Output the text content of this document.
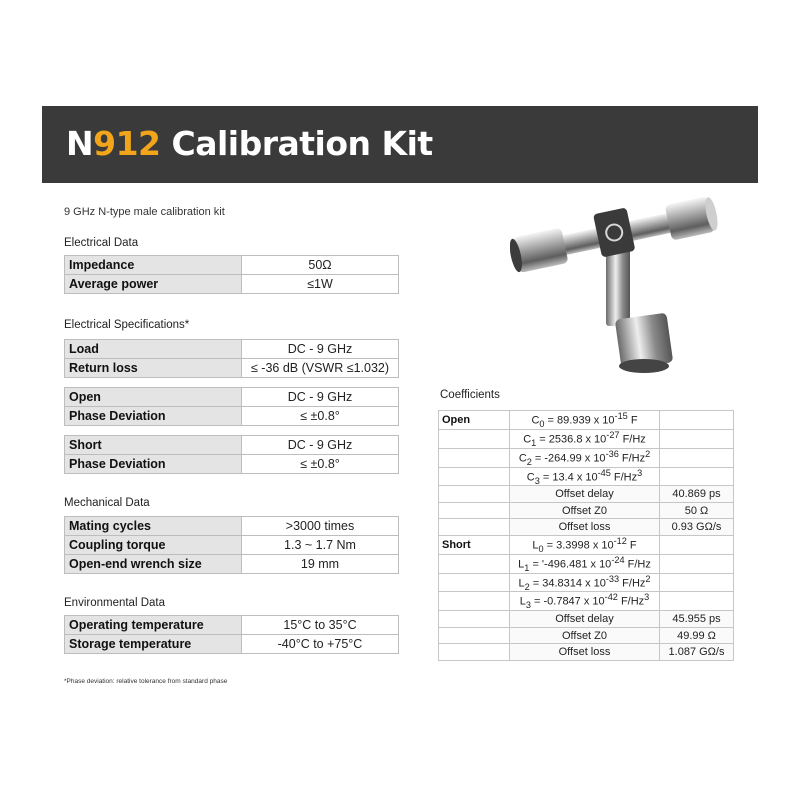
N912 Calibration Kit
9 GHz N-type male calibration kit
Electrical Data
Impedance	50Ω
Average power	≤1W
Electrical Specifications*
Load	DC - 9 GHz
Return loss	≤ -36 dB (VSWR ≤1.032)
Open	DC - 9 GHz
Phase Deviation	≤ ±0.8°
Short	DC - 9 GHz
Phase Deviation	≤ ±0.8°
Mechanical Data
Mating cycles	>3000 times
Coupling torque	1.3 ~ 1.7 Nm
Open-end wrench size	19 mm
Environmental Data
Operating temperature	15°C to 35°C
Storage temperature	-40°C to +75°C
*Phase deviation: relative tolerance from standard phase
Coefficients
Open	$C_0 = 89.939$ x $10^{-15}$ F	
	$C_1 = 2536.8$ x $10^{-27}$ F/Hz	
	$C_2 = -264.99$ x $10^{-36}$ F/Hz$^2$	
	$C_3 = 13.4$ x $10^{-45}$ F/Hz$^3$	
	Offset delay	40.869 ps
	Offset Z0	50 Ω
	Offset loss	0.93 GΩ/s
Short	$L_0 = 3.3998$ x $10^{-12}$ F	
	$L_1$ = '-496.481 x $10^{-24}$ F/Hz	
	$L_2 = 34.8314$ x $10^{-33}$ F/Hz$^2$	
	$L_3 = -0.7847$ x $10^{-42}$ F/Hz$^3$	
	Offset delay	45.955 ps
	Offset Z0	49.99 Ω
	Offset loss	1.087 GΩ/s
